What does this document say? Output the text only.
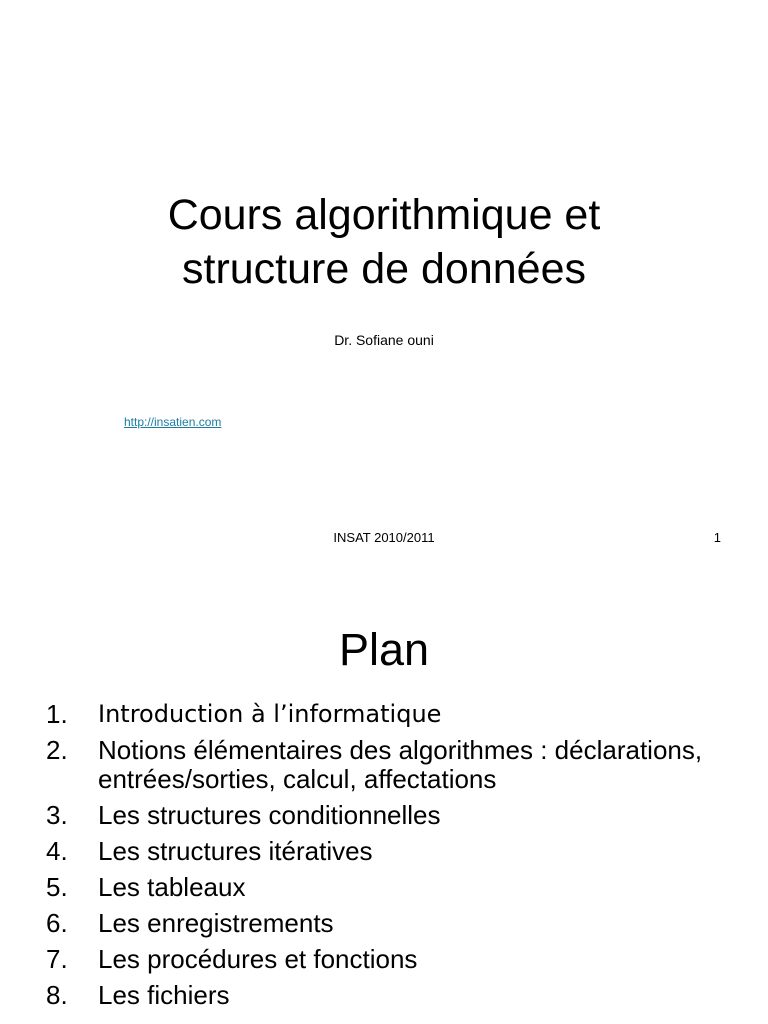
Cours algorithmique et
structure de données
Dr. Sofiane ouni
http://insatien.com
INSAT 2010/2011	1
Plan
1.	Introduction à l’informatique
2.	Notions élémentaires des algorithmes : déclarations, entrées/sorties, calcul, affectations
3.	Les structures conditionnelles
4.	Les structures itératives
5.	Les tableaux
6.	Les enregistrements
7.	Les procédures et fonctions
8.	Les fichiers
